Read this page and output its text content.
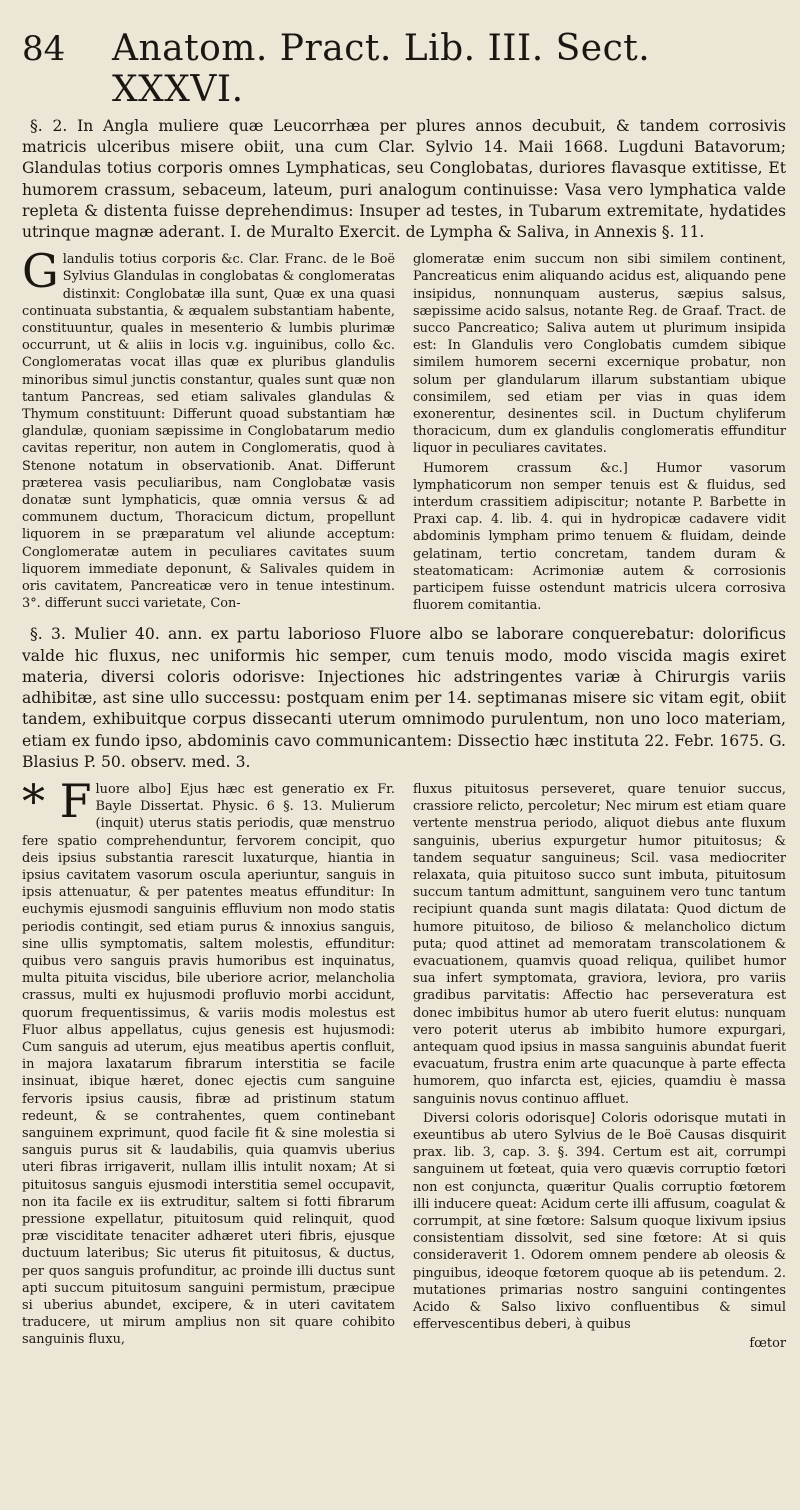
84	Anatom. Pract. Lib. III. Sect. XXXVI.

§. 2. In Angla muliere quæ Leucorrhæa per plures annos decubuit, & tandem corrosivis matricis ulceribus misere obiit, una cum Clar. Sylvio 14. Maii 1668. Lugduni Batavorum; Glandulas totius corporis omnes Lymphaticas, seu Conglobatas, duriores flavasque extitisse, Et humorem crassum, sebaceum, lateum, puri analogum continuisse: Vasa vero lymphatica valde repleta & distenta fuisse deprehendimus: Insuper ad testes, in Tubarum extremitate, hydatides utrinque magnæ aderant. I. de Muralto Exercit. de Lympha & Saliva, in Annexis §. 11.

G landulis totius corporis &c. Clar. Franc. de le Boë Sylvius Glandulas in conglobatas & conglomeratas distinxit: Conglobatæ illa sunt, Quæ ex una quasi continuata substantia, & æqualem substantiam habente, constituuntur, quales in mesenterio & lumbis plurimæ occurrunt, ut & aliis in locis v.g. inguinibus, collo &c. Conglomeratas vocat illas quæ ex pluribus glandulis minoribus simul junctis constantur, quales sunt quæ non tantum Pancreas, sed etiam salivales glandulas & Thymum constituunt: Differunt quoad substantiam hæ glandulæ, quoniam sæpissime in Conglobatarum medio cavitas reperitur, non autem in Conglomeratis, quod à Stenone notatum in observationib. Anat. Differunt præterea vasis peculiaribus, nam Conglobatæ vasis donatæ sunt lymphaticis, quæ omnia versus & ad communem ductum, Thoracicum dictum, propellunt liquorem in se præparatum vel aliunde acceptum: Conglomeratæ autem in peculiares cavitates suum liquorem immediate deponunt, & Salivales quidem in oris cavitatem, Pancreaticæ vero in tenue intestinum. 3°. differunt succi varietate, Con-

glomeratæ enim succum non sibi similem continent, Pancreaticus enim aliquando acidus est, aliquando pene insipidus, nonnunquam austerus, sæpius salsus, sæpissime acido salsus, notante Reg. de Graaf. Tract. de succo Pancreatico; Saliva autem ut plurimum insipida est: In Glandulis vero Conglobatis cumdem sibique similem humorem secerni excernique probatur, non solum per glandularum illarum substantiam ubique consimilem, sed etiam per vias in quas idem exonerentur, desinentes scil. in Ductum chyliferum thoracicum, dum ex glandulis conglomeratis effunditur liquor in peculiares cavitates.

Humorem crassum &c.] Humor vasorum lymphaticorum non semper tenuis est & fluidus, sed interdum crassitiem adipiscitur; notante P. Barbette in Praxi cap. 4. lib. 4. qui in hydropicæ cadavere vidit abdominis lympham primo tenuem & fluidam, deinde gelatinam, tertio concretam, tandem duram & steatomaticam: Acrimoniæ autem & corrosionis participem fuisse ostendunt matricis ulcera corrosiva fluorem comitantia.

§. 3. Mulier 40. ann. ex partu laborioso Fluore albo se laborare conquerebatur: dolorificus valde hic fluxus, nec uniformis hic semper, cum tenuis modo, modo viscida magis exiret materia, diversi coloris odorisve: Injectiones hic adstringentes variæ à Chirurgis variis adhibitæ, ast sine ullo successu: postquam enim per 14. septimanas misere sic vitam egit, obiit tandem, exhibuitque corpus dissecanti uterum omnimodo purulentum, non uno loco materiam, etiam ex fundo ipso, abdominis cavo communicantem: Dissectio hæc instituta 22. Febr. 1675. G. Blasius P. 50. observ. med. 3.

* F luore albo] Ejus hæc est generatio ex Fr. Bayle Dissertat. Physic. 6 §. 13. Mulierum (inquit) uterus statis periodis, quæ menstruo fere spatio comprehenduntur, fervorem concipit, quo deis ipsius substantia rarescit luxaturque, hiantia in ipsius cavitatem vasorum oscula aperiuntur, sanguis in ipsis attenuatur, & per patentes meatus effunditur: In euchymis ejusmodi sanguinis effluvium non modo statis periodis contingit, sed etiam purus & innoxius sanguis, sine ullis symptomatis, saltem molestis, effunditur: quibus vero sanguis pravis humoribus est inquinatus, multa pituita viscidus, bile uberiore acrior, melancholia crassus, multi ex hujusmodi profluvio morbi accidunt, quorum frequentissimus, & variis modis molestus est Fluor albus appellatus, cujus genesis est hujusmodi: Cum sanguis ad uterum, ejus meatibus apertis confluit, in majora laxatarum fibrarum interstitia se facile insinuat, ibique hæret, donec ejectis cum sanguine fervoris ipsius causis, fibræ ad pristinum statum redeunt, & se contrahentes, quem continebant sanguinem exprimunt, quod facile fit & sine molestia si sanguis purus sit & laudabilis, quia quamvis uberius uteri fibras irrigaverit, nullam illis intulit noxam; At si pituitosus sanguis ejusmodi interstitia semel occupavit, non ita facile ex iis extruditur, saltem si fotti fibrarum pressione expellatur, pituitosum quid relinquit, quod præ visciditate tenaciter adhæret uteri fibris, ejusque ductuum lateribus; Sic uterus fit pituitosus, & ductus, per quos sanguis profunditur, ac proinde illi ductus sunt apti succum pituitosum sanguini permistum, præcipue si uberius abundet, excipere, & in uteri cavitatem traducere, ut mirum amplius non sit quare cohibito sanguinis fluxu,

fluxus pituitosus perseveret, quare tenuior succus, crassiore relicto, percoletur; Nec mirum est etiam quare vertente menstrua periodo, aliquot diebus ante fluxum sanguinis, uberius expurgetur humor pituitosus; & tandem sequatur sanguineus; Scil. vasa mediocriter relaxata, quia pituitoso succo sunt imbuta, pituitosum succum tantum admittunt, sanguinem vero tunc tantum recipiunt quanda sunt magis dilatata: Quod dictum de humore pituitoso, de bilioso & melancholico dictum puta; quod attinet ad memoratam transcolationem & evacuationem, quamvis quoad reliqua, quilibet humor sua infert symptomata, graviora, leviora, pro variis gradibus parvitatis: Affectio hac perseveratura est donec imbibitus humor ab utero fuerit elutus: nunquam vero poterit uterus ab imbibito humore expurgari, antequam quod ipsius in massa sanguinis abundat fuerit evacuatum, frustra enim arte quacunque à parte effecta humorem, quo infarcta est, ejicies, quamdiu è massa sanguinis novus continuo affluet.

Diversi coloris odorisque] Coloris odorisque mutati in exeuntibus ab utero Sylvius de le Boë Causas disquirit prax. lib. 3, cap. 3. §. 394. Certum est ait, corrumpi sanguinem ut fœteat, quia vero quævis corruptio fœtori non est conjuncta, quæritur Qualis corruptio fœtorem illi inducere queat: Acidum certe illi affusum, coagulat & corrumpit, at sine fœtore: Salsum quoque lixivum ipsius consistentiam dissolvit, sed sine fœtore: At si quis consideraverit 1. Odorem omnem pendere ab oleosis & pinguibus, ideoque fœtorem quoque ab iis petendum. 2. mutationes primarias nostro sanguini contingentes Acido & Salso lixivo confluentibus & simul effervescentibus deberi, à quibus

fœtor
